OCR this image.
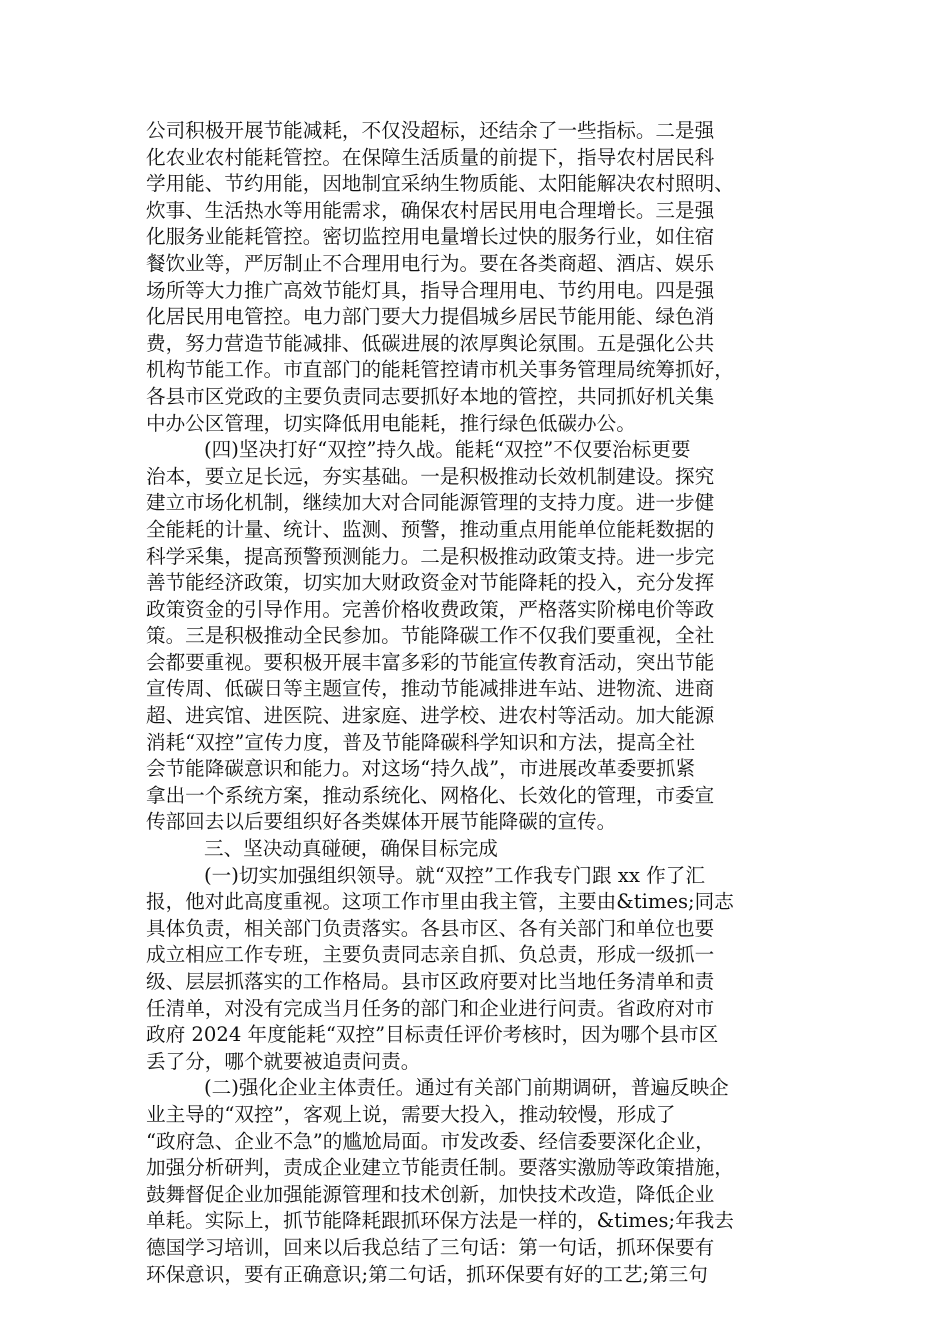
公司积极开展节能减耗，不仅没超标，还结余了一些指标。二是强
化农业农村能耗管控。在保障生活质量的前提下，指导农村居民科
学用能、节约用能，因地制宜采纳生物质能、太阳能解决农村照明、
炊事、生活热水等用能需求，确保农村居民用电合理增长。三是强
化服务业能耗管控。密切监控用电量增长过快的服务行业，如住宿
餐饮业等，严厉制止不合理用电行为。要在各类商超、酒店、娱乐
场所等大力推广高效节能灯具，指导合理用电、节约用电。四是强
化居民用电管控。电力部门要大力提倡城乡居民节能用能、绿色消
费，努力营造节能减排、低碳进展的浓厚舆论氛围。五是强化公共
机构节能工作。市直部门的能耗管控请市机关事务管理局统筹抓好，
各县市区党政的主要负责同志要抓好本地的管控，共同抓好机关集
中办公区管理，切实降低用电能耗，推行绿色低碳办公。
(四)坚决打好“双控”持久战。能耗“双控”不仅要治标更要
治本，要立足长远，夯实基础。一是积极推动长效机制建设。探究
建立市场化机制，继续加大对合同能源管理的支持力度。进一步健
全能耗的计量、统计、监测、预警，推动重点用能单位能耗数据的
科学采集，提高预警预测能力。二是积极推动政策支持。进一步完
善节能经济政策，切实加大财政资金对节能降耗的投入，充分发挥
政策资金的引导作用。完善价格收费政策，严格落实阶梯电价等政
策。三是积极推动全民参加。节能降碳工作不仅我们要重视，全社
会都要重视。要积极开展丰富多彩的节能宣传教育活动，突出节能
宣传周、低碳日等主题宣传，推动节能减排进车站、进物流、进商
超、进宾馆、进医院、进家庭、进学校、进农村等活动。加大能源
消耗“双控”宣传力度，普及节能降碳科学知识和方法，提高全社
会节能降碳意识和能力。对这场“持久战”，市进展改革委要抓紧
拿出一个系统方案，推动系统化、网格化、长效化的管理，市委宣
传部回去以后要组织好各类媒体开展节能降碳的宣传。
三、坚决动真碰硬，确保目标完成
(一)切实加强组织领导。就“双控”工作我专门跟 xx 作了汇
报，他对此高度重视。这项工作市里由我主管，主要由&times;同志
具体负责，相关部门负责落实。各县市区、各有关部门和单位也要
成立相应工作专班，主要负责同志亲自抓、负总责，形成一级抓一
级、层层抓落实的工作格局。县市区政府要对比当地任务清单和责
任清单，对没有完成当月任务的部门和企业进行问责。省政府对市
政府 2024 年度能耗“双控”目标责任评价考核时，因为哪个县市区
丢了分，哪个就要被追责问责。
(二)强化企业主体责任。通过有关部门前期调研，普遍反映企
业主导的“双控”，客观上说，需要大投入，推动较慢，形成了
“政府急、企业不急”的尴尬局面。市发改委、经信委要深化企业，
加强分析研判，责成企业建立节能责任制。要落实激励等政策措施，
鼓舞督促企业加强能源管理和技术创新，加快技术改造，降低企业
单耗。实际上，抓节能降耗跟抓环保方法是一样的，&times;年我去
德国学习培训，回来以后我总结了三句话：第一句话，抓环保要有
环保意识，要有正确意识;第二句话，抓环保要有好的工艺;第三句
